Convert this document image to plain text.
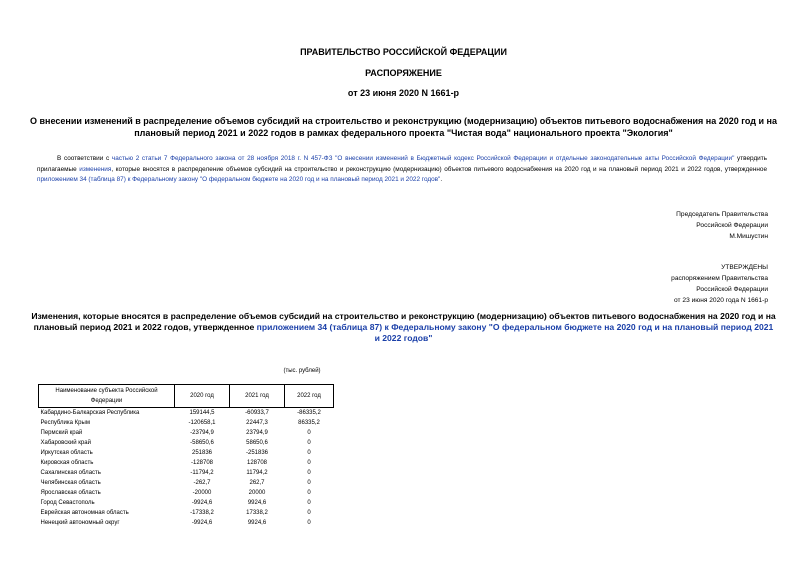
ПРАВИТЕЛЬСТВО РОССИЙСКОЙ ФЕДЕРАЦИИ
РАСПОРЯЖЕНИЕ
от 23 июня 2020 N 1661-р
О внесении изменений в распределение объемов субсидий на строительство и реконструкцию (модернизацию) объектов питьевого водоснабжения на 2020 год и на плановый период 2021 и 2022 годов в рамках федерального проекта "Чистая вода" национального проекта "Экология"
В соответствии с частью 2 статьи 7 Федерального закона от 28 ноября 2018 г. N 457-ФЗ "О внесении изменений в Бюджетный кодекс Российской Федерации и отдельные законодательные акты Российской Федерации" утвердить прилагаемые изменения, которые вносятся в распределение объемов субсидий на строительство и реконструкцию (модернизацию) объектов питьевого водоснабжения на 2020 год и на плановый период 2021 и 2022 годов, утвержденное приложением 34 (таблица 87) к Федеральному закону "О федеральном бюджете на 2020 год и на плановый период 2021 и 2022 годов".
Председатель Правительства
Российской Федерации
М.Мишустин
УТВЕРЖДЕНЫ
распоряжением Правительства
Российской Федерации
от 23 июня 2020 года N 1661-р
Изменения, которые вносятся в распределение объемов субсидий на строительство и реконструкцию (модернизацию) объектов питьевого водоснабжения на 2020 год и на плановый период 2021 и 2022 годов, утвержденное приложением 34 (таблица 87) к Федеральному закону "О федеральном бюджете на 2020 год и на плановый период 2021 и 2022 годов"
(тыс. рублей)
Наименование субъекта Российской Федерации	2020 год	2021 год	2022 год
Кабардино-Балкарская Республика	159144,5	-60933,7	-86335,2
Республика Крым	-120658,1	22447,3	86335,2
Пермский край	-23794,9	23794,9	0
Хабаровский край	-58650,6	58650,6	0
Иркутская область	251836	-251836	0
Кировская область	-128708	128708	0
Сахалинская область	-11794,2	11794,2	0
Челябинская область	-262,7	262,7	0
Ярославская область	-20000	20000	0
Город Севастополь	-9924,6	9924,6	0
Еврейская автономная область	-17338,2	17338,2	0
Ненецкий автономный округ	-9924,6	9924,6	0
